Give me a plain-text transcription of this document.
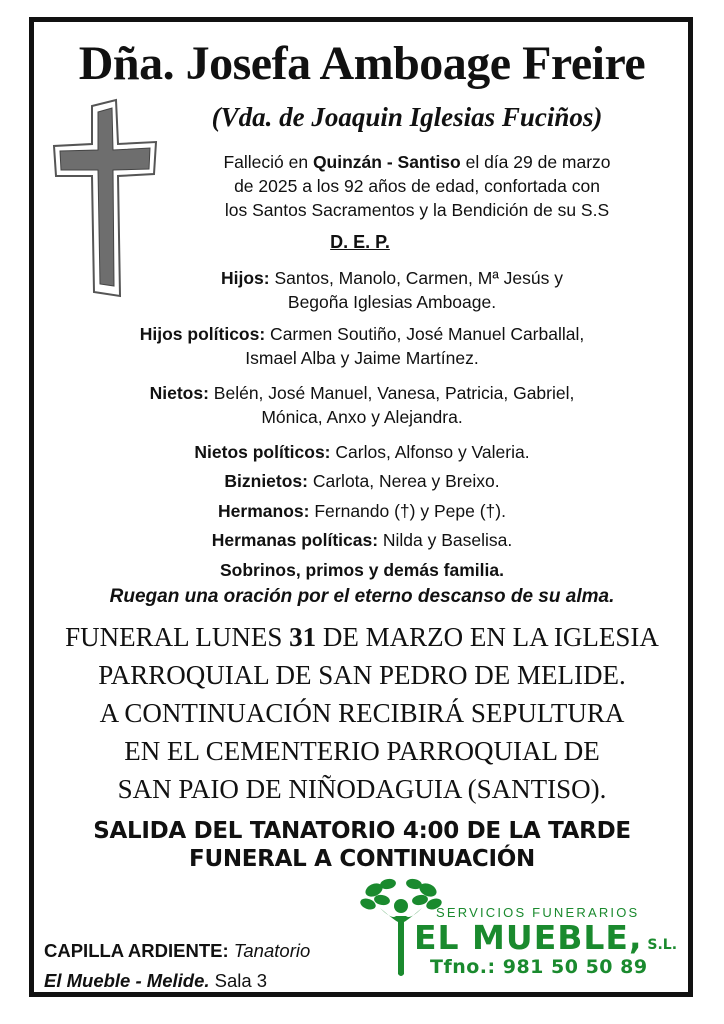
Dña. Josefa Amboage Freire
(Vda. de Joaquin Iglesias Fuciños)
Falleció en Quinzán - Santiso el día 29 de marzo
de 2025 a los 92 años de edad, confortada con
los Santos Sacramentos y la Bendición de su S.S
D. E. P.
Hijos: Santos, Manolo, Carmen, Mª Jesús y
Begoña Iglesias Amboage.
Hijos políticos: Carmen Soutiño, José Manuel Carballal,
Ismael Alba y Jaime Martínez.
Nietos: Belén, José Manuel, Vanesa, Patricia, Gabriel,
Mónica, Anxo y Alejandra.
Nietos políticos: Carlos, Alfonso y Valeria.
Biznietos: Carlota, Nerea y Breixo.
Hermanos: Fernando (†) y Pepe (†).
Hermanas políticas: Nilda y Baselisa.
Sobrinos, primos y demás familia.
Ruegan una oración por el eterno descanso de su alma.
FUNERAL LUNES 31 DE MARZO EN LA IGLESIA
PARROQUIAL DE SAN PEDRO DE MELIDE.
A CONTINUACIÓN RECIBIRÁ SEPULTURA
EN EL CEMENTERIO PARROQUIAL DE
SAN PAIO DE NIÑODAGUIA (SANTISO).
SALIDA DEL TANATORIO 4:00 DE LA TARDE
FUNERAL A CONTINUACIÓN
CAPILLA ARDIENTE: Tanatorio
El Mueble - Melide. Sala 3
SERVICIOS FUNERARIOS
EL MUEBLE, S.L.
Tfno.: 981 50 50 89
